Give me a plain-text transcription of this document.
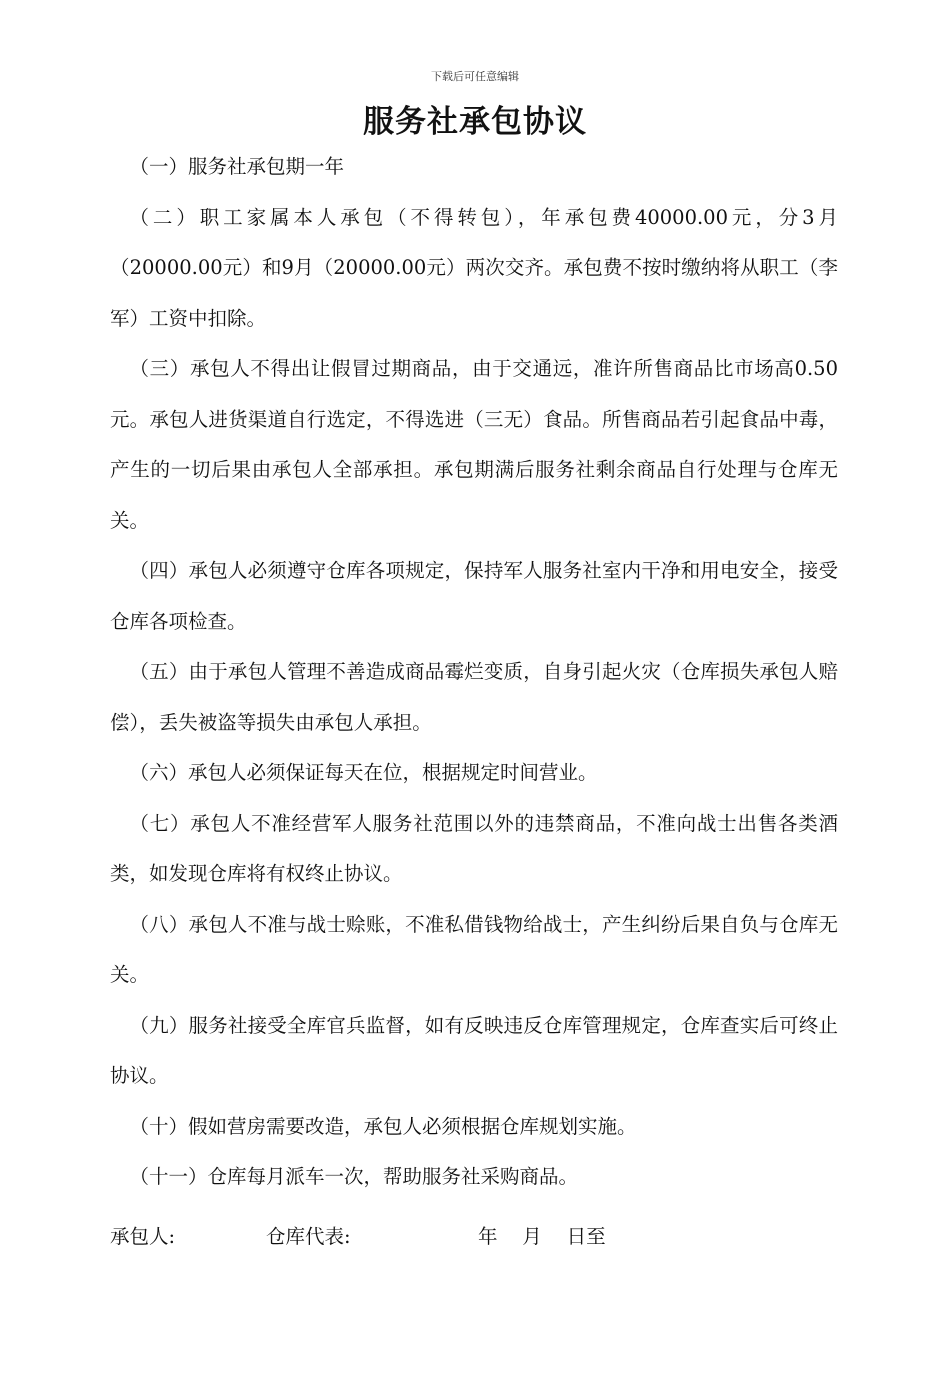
下载后可任意编辑
服务社承包协议

（一）服务社承包期一年

（二）职工家属本人承包（不得转包），年承包费40000.00元，分3月（20000.00元）和9月（20000.00元）两次交齐。承包费不按时缴纳将从职工（李军）工资中扣除。

（三）承包人不得出让假冒过期商品，由于交通远，准许所售商品比市场高0.50元。承包人进货渠道自行选定，不得选进（三无）食品。所售商品若引起食品中毒，产生的一切后果由承包人全部承担。承包期满后服务社剩余商品自行处理与仓库无关。

（四）承包人必须遵守仓库各项规定，保持军人服务社室内干净和用电安全，接受仓库各项检查。

（五）由于承包人管理不善造成商品霉烂变质，自身引起火灾（仓库损失承包人赔偿），丢失被盗等损失由承包人承担。

（六）承包人必须保证每天在位，根据规定时间营业。

（七）承包人不准经营军人服务社范围以外的违禁商品，不准向战士出售各类酒类，如发现仓库将有权终止协议。

（八）承包人不准与战士赊账，不准私借钱物给战士，产生纠纷后果自负与仓库无关。

（九）服务社接受全库官兵监督，如有反映违反仓库管理规定，仓库查实后可终止协议。

（十）假如营房需要改造，承包人必须根据仓库规划实施。

（十一）仓库每月派车一次，帮助服务社采购商品。

承包人:

	仓库代表:

	年    月    日至
